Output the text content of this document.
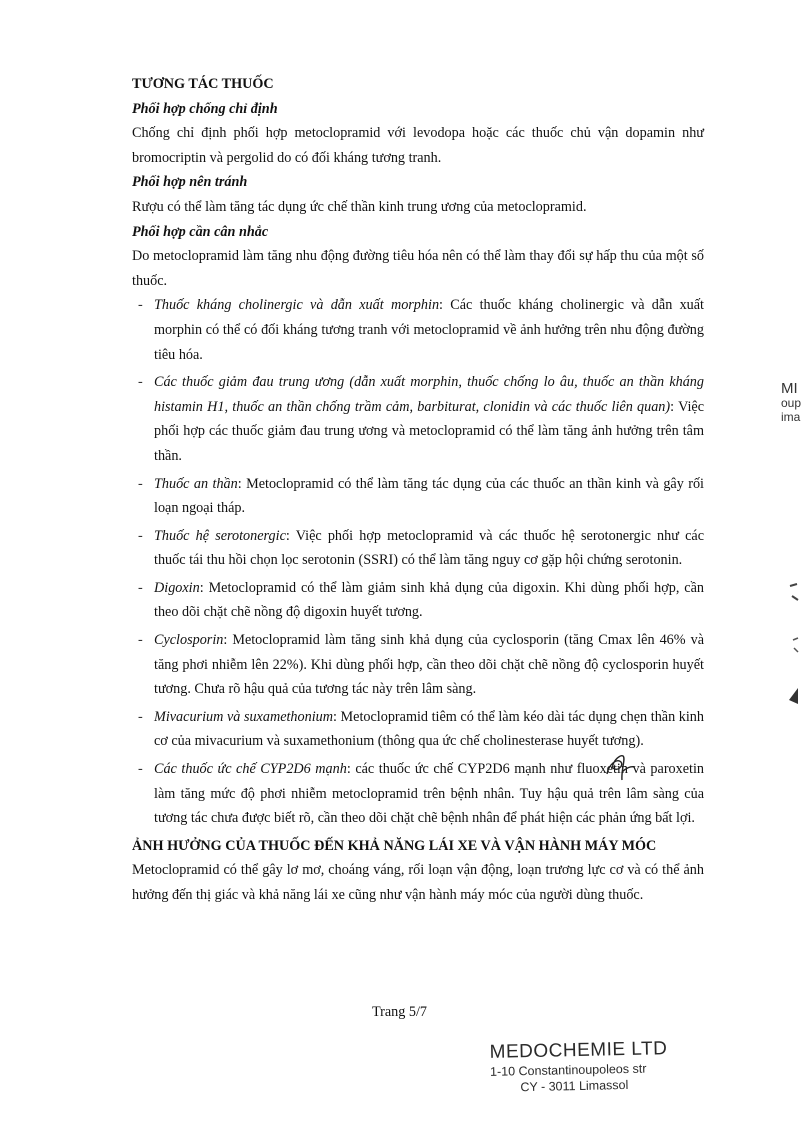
TƯƠNG TÁC THUỐC

Phối hợp chống chỉ định

Chống chỉ định phối hợp metoclopramid với levodopa hoặc các thuốc chủ vận dopamin như bromocriptin và pergolid do có đối kháng tương tranh.

Phối hợp nên tránh

Rượu có thể làm tăng tác dụng ức chế thần kinh trung ương của metoclopramid.

Phối hợp cần cân nhắc

Do metoclopramid làm tăng nhu động đường tiêu hóa nên có thể làm thay đổi sự hấp thu của một số thuốc.

- Thuốc kháng cholinergic và dẫn xuất morphin: Các thuốc kháng cholinergic và dẫn xuất morphin có thể có đối kháng tương tranh với metoclopramid về ảnh hưởng trên nhu động đường tiêu hóa.
- Các thuốc giảm đau trung ương (dẫn xuất morphin, thuốc chống lo âu, thuốc an thần kháng histamin H1, thuốc an thần chống trầm cảm, barbiturat, clonidin và các thuốc liên quan): Việc phối hợp các thuốc giảm đau trung ương và metoclopramid có thể làm tăng ảnh hưởng trên tâm thần.
- Thuốc an thần: Metoclopramid có thể làm tăng tác dụng của các thuốc an thần kinh và gây rối loạn ngoại tháp.
- Thuốc hệ serotonergic: Việc phối hợp metoclopramid và các thuốc hệ serotonergic như các thuốc tái thu hồi chọn lọc serotonin (SSRI) có thể làm tăng nguy cơ gặp hội chứng serotonin.
- Digoxin: Metoclopramid có thể làm giảm sinh khả dụng của digoxin. Khi dùng phối hợp, cần theo dõi chặt chẽ nồng độ digoxin huyết tương.
- Cyclosporin: Metoclopramid làm tăng sinh khả dụng của cyclosporin (tăng Cmax lên 46% và tăng phơi nhiễm lên 22%). Khi dùng phối hợp, cần theo dõi chặt chẽ nồng độ cyclosporin huyết tương. Chưa rõ hậu quả của tương tác này trên lâm sàng.
- Mivacurium và suxamethonium: Metoclopramid tiêm có thể làm kéo dài tác dụng chẹn thần kinh cơ của mivacurium và suxamethonium (thông qua ức chế cholinesterase huyết tương).
- Các thuốc ức chế CYP2D6 mạnh: các thuốc ức chế CYP2D6 mạnh như fluoxetin và paroxetin làm tăng mức độ phơi nhiễm metoclopramid trên bệnh nhân. Tuy hậu quả trên lâm sàng của tương tác chưa được biết rõ, cần theo dõi chặt chẽ bệnh nhân để phát hiện các phản ứng bất lợi.

ẢNH HƯỞNG CỦA THUỐC ĐẾN KHẢ NĂNG LÁI XE VÀ VẬN HÀNH MÁY MÓC

Metoclopramid có thể gây lơ mơ, choáng váng, rối loạn vận động, loạn trương lực cơ và có thể ảnh hưởng đến thị giác và khả năng lái xe cũng như vận hành máy móc của người dùng thuốc.

Trang 5/7
MEDOCHEMIE LTD
1-10 Constantinoupoleos str
CY - 3011 Limassol
MI
oup
ima
